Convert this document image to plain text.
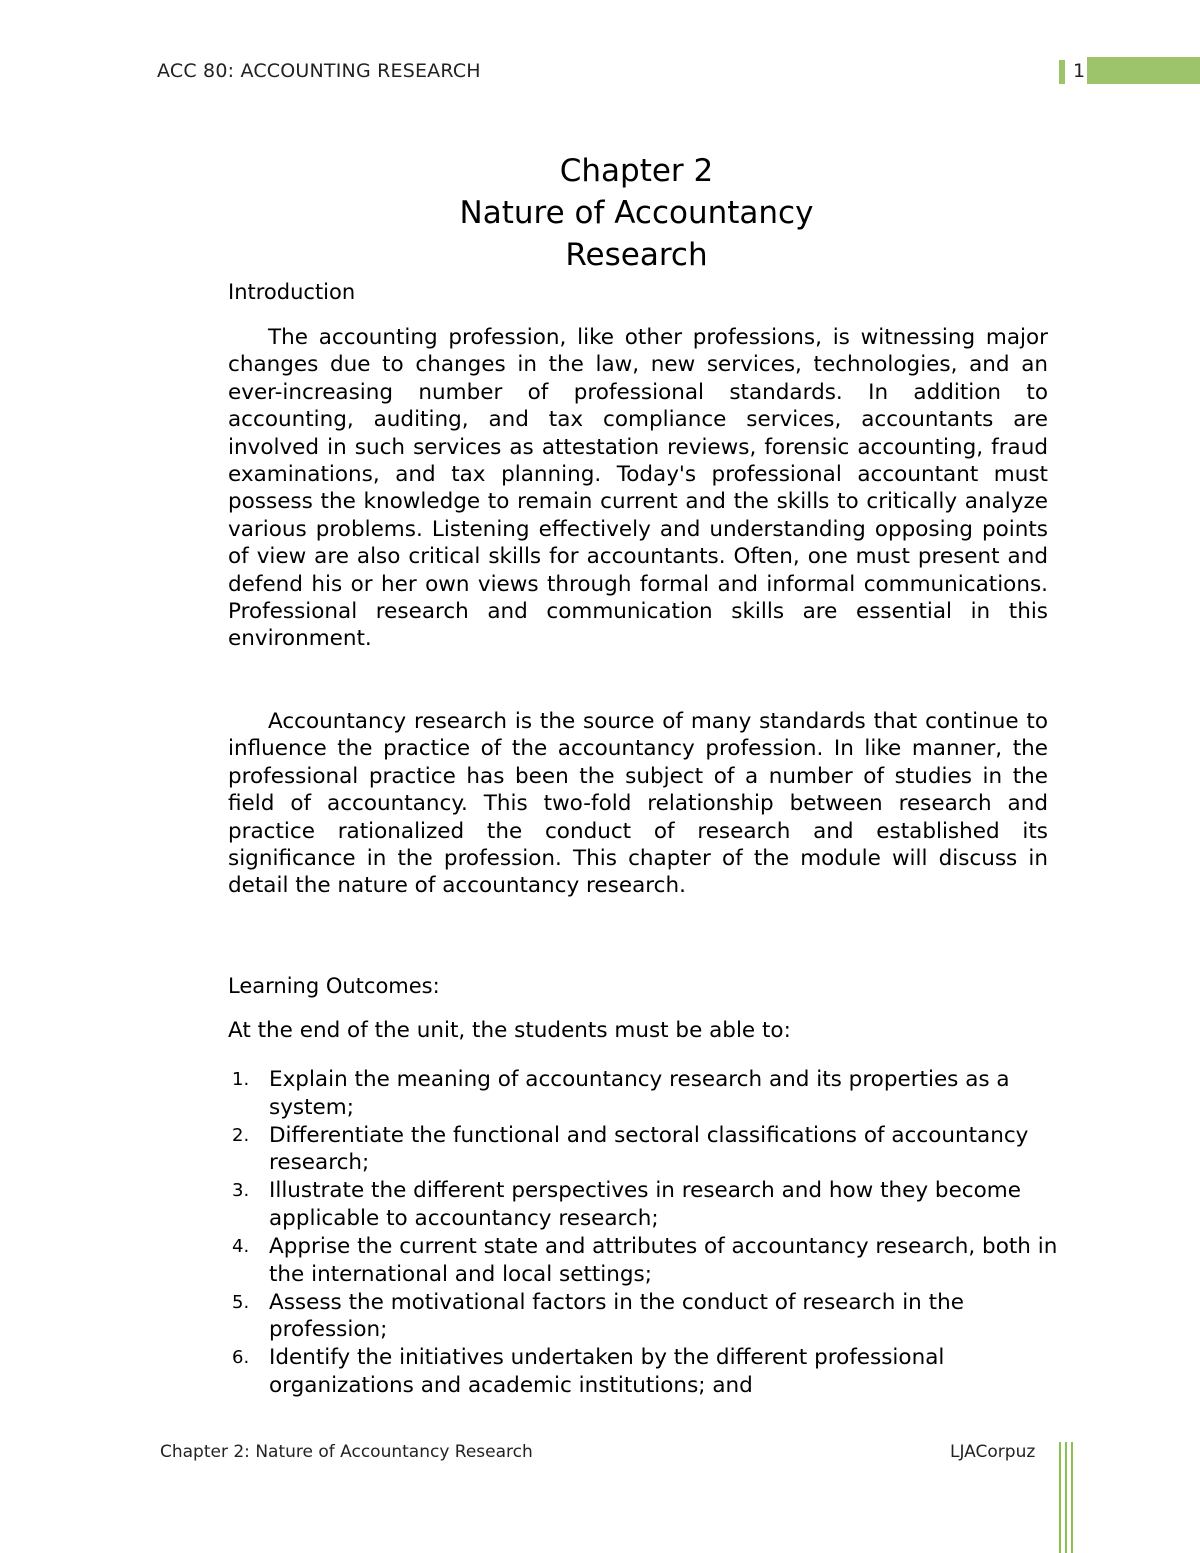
ACC 80: ACCOUNTING RESEARCH	1
Chapter 2
Nature of Accountancy
Research
Introduction

The accounting profession, like other professions, is witnessing major changes due to changes in the law, new services, technologies, and an ever-increasing number of professional standards. In addition to accounting, auditing, and tax compliance services, accountants are involved in such services as attestation reviews, forensic accounting, fraud examinations, and tax planning. Today's professional accountant must possess the knowledge to remain current and the skills to critically analyze various problems. Listening effectively and understanding opposing points of view are also critical skills for accountants. Often, one must present and defend his or her own views through formal and informal communications. Professional research and communication skills are essential in this environment.

Accountancy research is the source of many standards that continue to influence the practice of the accountancy profession. In like manner, the professional practice has been the subject of a number of studies in the field of accountancy. This two-fold relationship between research and practice rationalized the conduct of research and established its significance in the profession. This chapter of the module will discuss in detail the nature of accountancy research.

Learning Outcomes:
At the end of the unit, the students must be able to:
1. Explain the meaning of accountancy research and its properties as a system;
2. Differentiate the functional and sectoral classifications of accountancy research;
3. Illustrate the different perspectives in research and how they become applicable to accountancy research;
4. Apprise the current state and attributes of accountancy research, both in the international and local settings;
5. Assess the motivational factors in the conduct of research in the profession;
6. Identify the initiatives undertaken by the different professional organizations and academic institutions; and
Chapter 2: Nature of Accountancy Research	LJACorpuz
